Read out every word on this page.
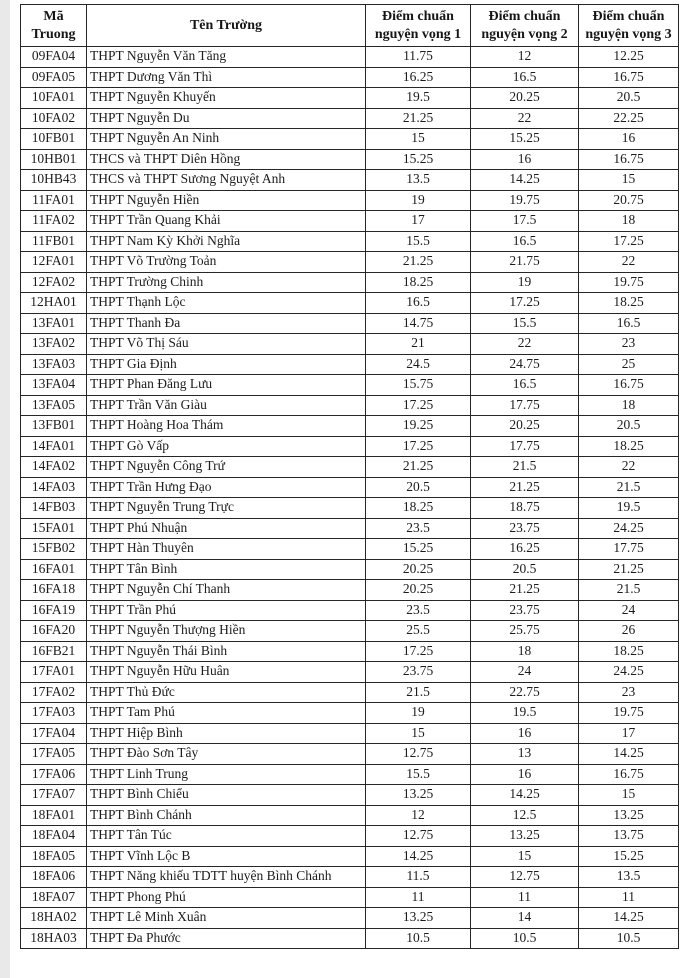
Mã Truong	Tên Trường	Điểm chuẩn nguyện vọng 1	Điểm chuẩn nguyện vọng 2	Điểm chuẩn nguyện vọng 3
09FA04	THPT Nguyễn Văn Tăng	11.75	12	12.25
09FA05	THPT Dương Văn Thì	16.25	16.5	16.75
10FA01	THPT Nguyễn Khuyến	19.5	20.25	20.5
10FA02	THPT Nguyễn Du	21.25	22	22.25
10FB01	THPT Nguyễn An Ninh	15	15.25	16
10HB01	THCS và THPT Diên Hồng	15.25	16	16.75
10HB43	THCS và THPT Sương Nguyệt Anh	13.5	14.25	15
11FA01	THPT Nguyễn Hiền	19	19.75	20.75
11FA02	THPT Trần Quang Khải	17	17.5	18
11FB01	THPT Nam Kỳ Khởi Nghĩa	15.5	16.5	17.25
12FA01	THPT Võ Trường Toản	21.25	21.75	22
12FA02	THPT Trường Chinh	18.25	19	19.75
12HA01	THPT Thạnh Lộc	16.5	17.25	18.25
13FA01	THPT Thanh Đa	14.75	15.5	16.5
13FA02	THPT Võ Thị Sáu	21	22	23
13FA03	THPT Gia Định	24.5	24.75	25
13FA04	THPT Phan Đăng Lưu	15.75	16.5	16.75
13FA05	THPT Trần Văn Giàu	17.25	17.75	18
13FB01	THPT Hoàng Hoa Thám	19.25	20.25	20.5
14FA01	THPT Gò Vấp	17.25	17.75	18.25
14FA02	THPT Nguyễn Công Trứ	21.25	21.5	22
14FA03	THPT Trần Hưng Đạo	20.5	21.25	21.5
14FB03	THPT Nguyễn Trung Trực	18.25	18.75	19.5
15FA01	THPT Phú Nhuận	23.5	23.75	24.25
15FB02	THPT Hàn Thuyên	15.25	16.25	17.75
16FA01	THPT Tân Bình	20.25	20.5	21.25
16FA18	THPT Nguyễn Chí Thanh	20.25	21.25	21.5
16FA19	THPT Trần Phú	23.5	23.75	24
16FA20	THPT Nguyễn Thượng Hiền	25.5	25.75	26
16FB21	THPT Nguyễn Thái Bình	17.25	18	18.25
17FA01	THPT Nguyễn Hữu Huân	23.75	24	24.25
17FA02	THPT Thủ Đức	21.5	22.75	23
17FA03	THPT Tam Phú	19	19.5	19.75
17FA04	THPT Hiệp Bình	15	16	17
17FA05	THPT Đào Sơn Tây	12.75	13	14.25
17FA06	THPT Linh Trung	15.5	16	16.75
17FA07	THPT Bình Chiểu	13.25	14.25	15
18FA01	THPT Bình Chánh	12	12.5	13.25
18FA04	THPT Tân Túc	12.75	13.25	13.75
18FA05	THPT Vĩnh Lộc B	14.25	15	15.25
18FA06	THPT Năng khiếu TDTT huyện Bình Chánh	11.5	12.75	13.5
18FA07	THPT Phong Phú	11	11	11
18HA02	THPT Lê Minh Xuân	13.25	14	14.25
18HA03	THPT Đa Phước	10.5	10.5	10.5
